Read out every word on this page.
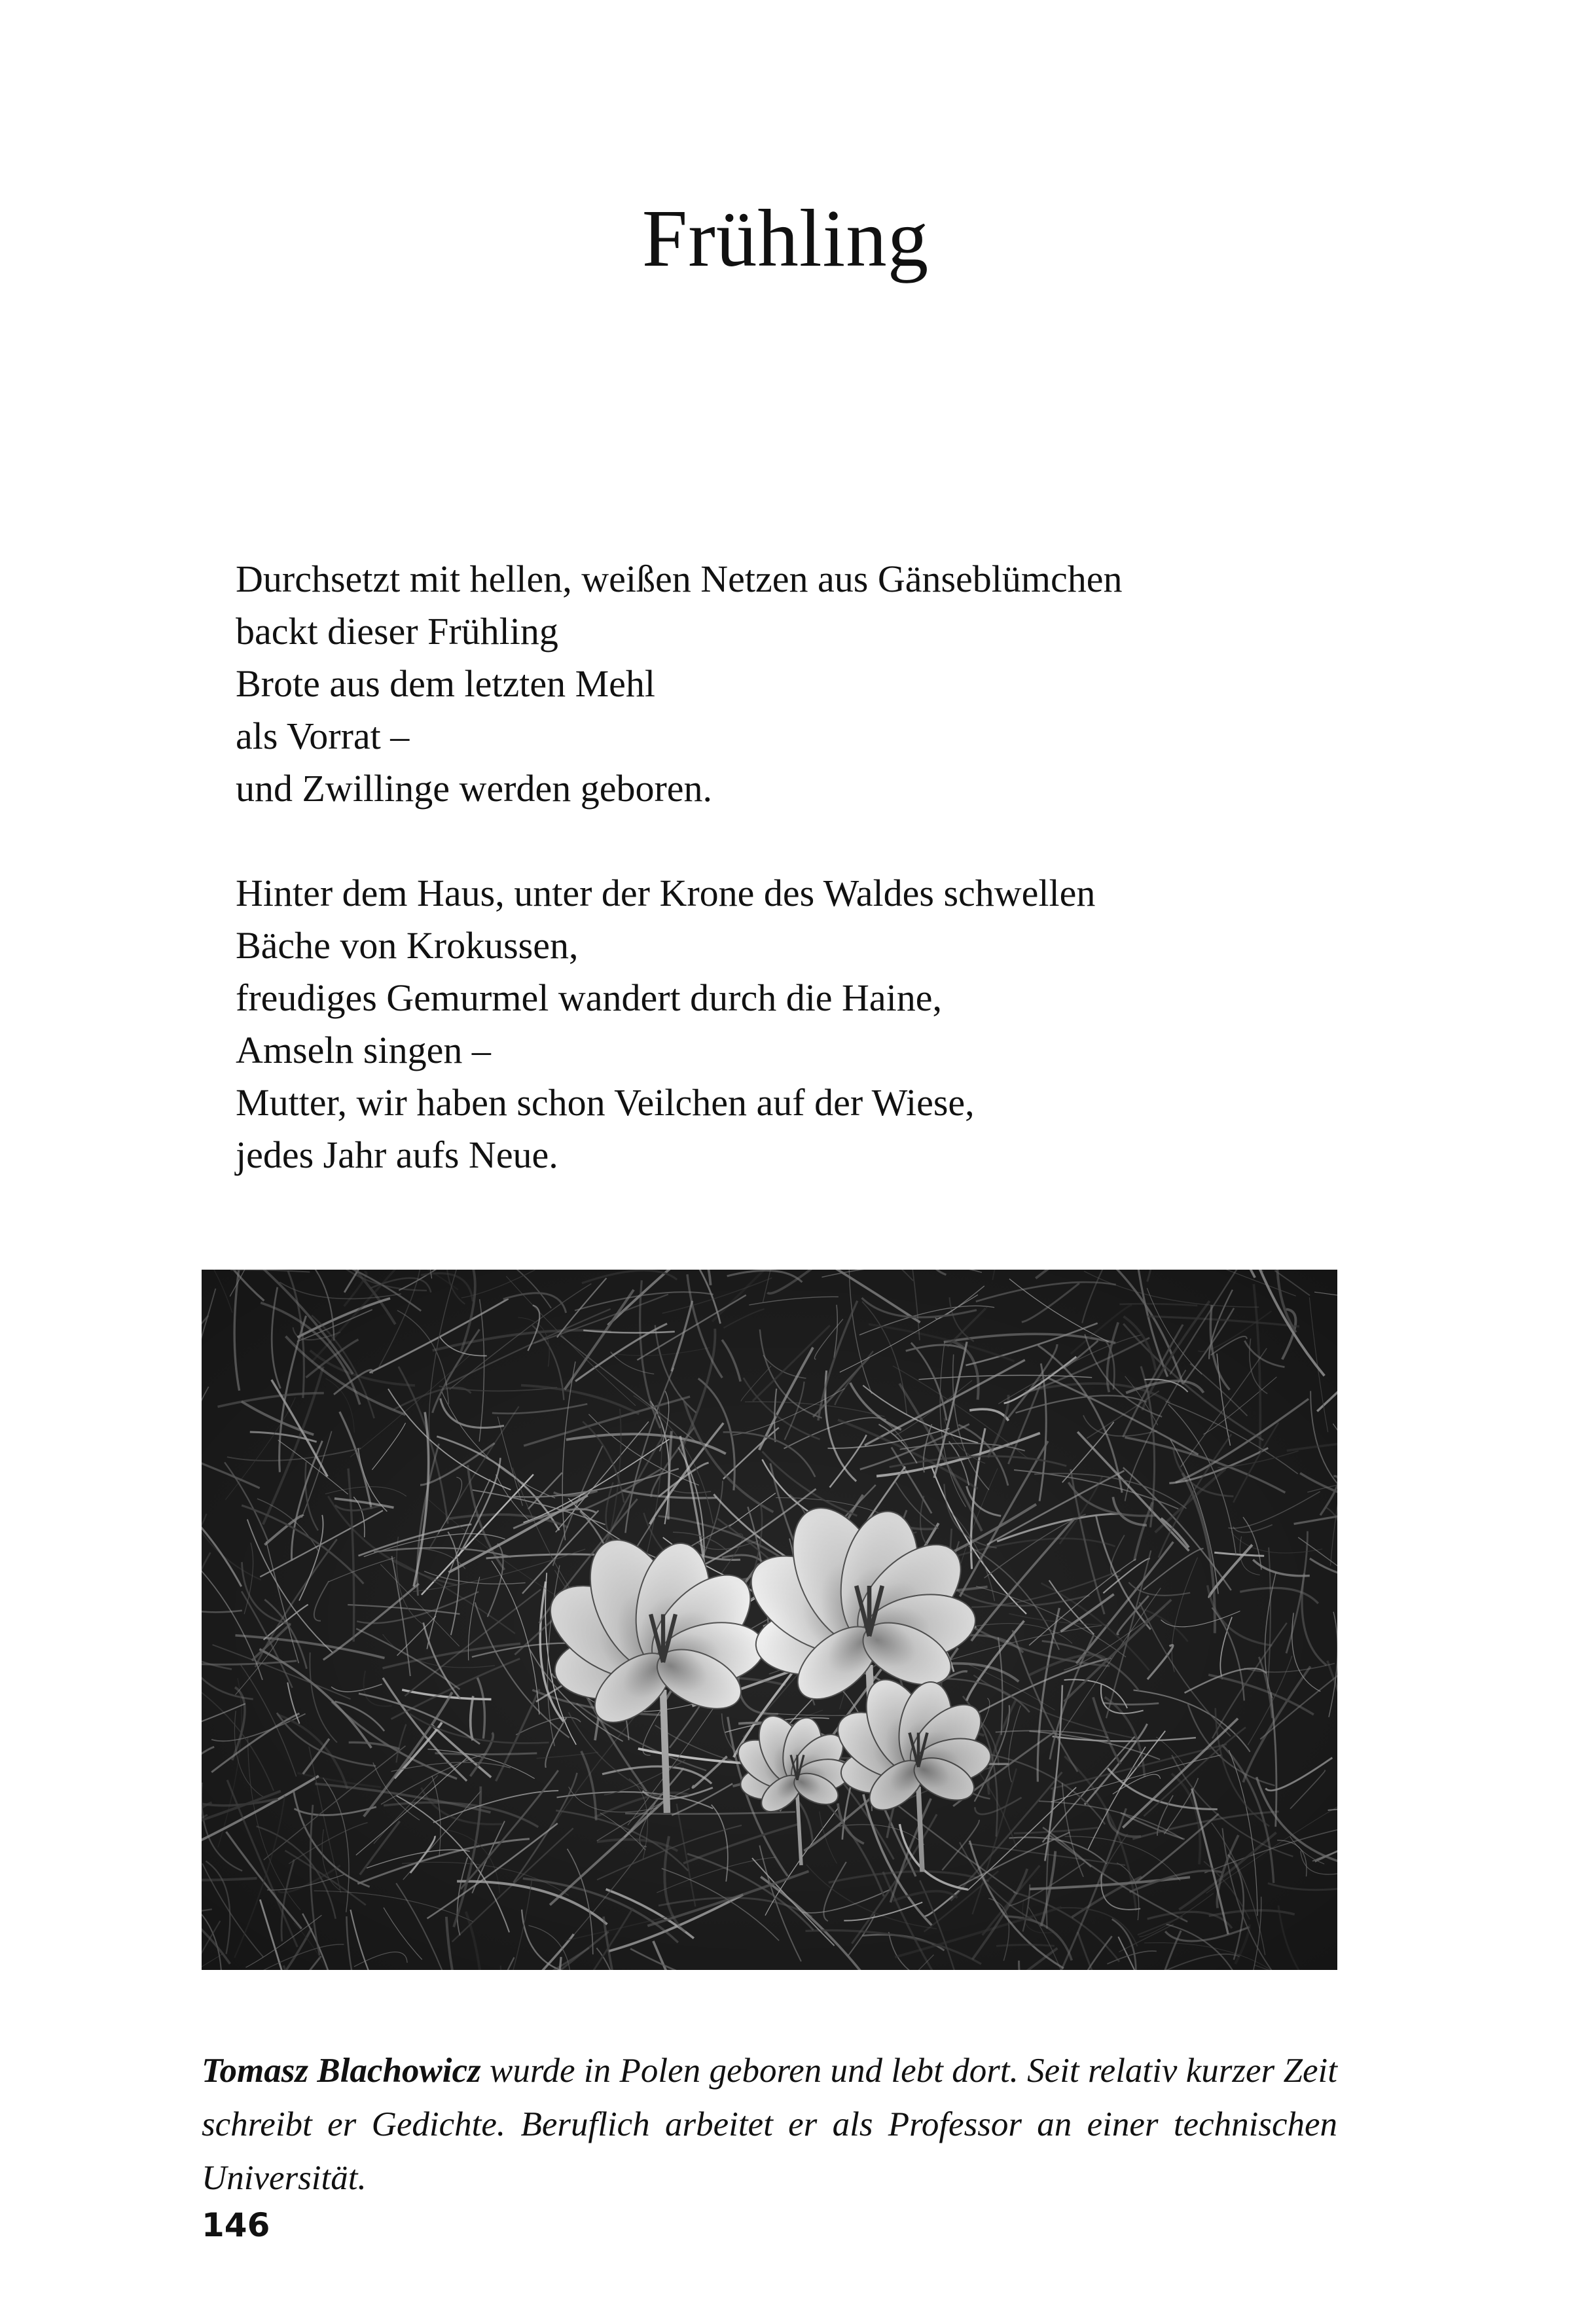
Frühling

Durchsetzt mit hellen, weißen Netzen aus Gänseblümchen
backt dieser Frühling
Brote aus dem letzten Mehl
als Vorrat –
und Zwillinge werden geboren.

Hinter dem Haus, unter der Krone des Waldes schwellen
Bäche von Krokussen,
freudiges Gemurmel wandert durch die Haine,
Amseln singen –
Mutter, wir haben schon Veilchen auf der Wiese,
jedes Jahr aufs Neue.

Tomasz Blachowicz wurde in Polen geboren und lebt dort. Seit relativ kurzer Zeit schreibt er Gedichte. Beruflich arbeitet er als Professor an einer technischen Universität.

146
